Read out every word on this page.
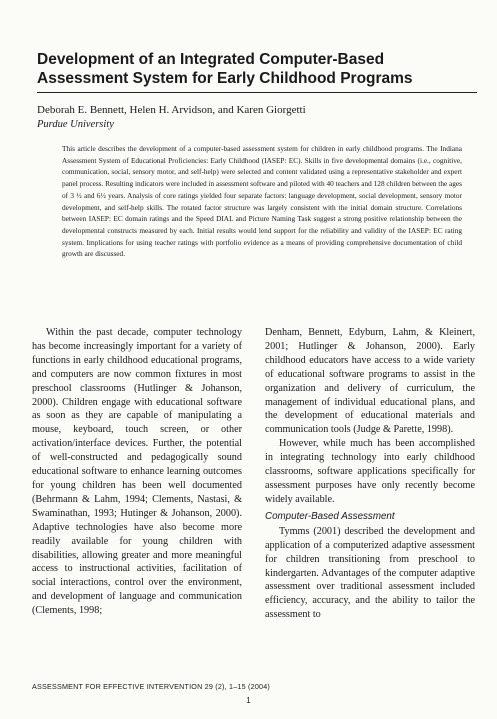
Development of an Integrated Computer-Based Assessment System for Early Childhood Programs
Deborah E. Bennett, Helen H. Arvidson, and Karen Giorgetti
Purdue University

This article describes the development of a computer-based assessment system for children in early childhood programs. The Indiana Assessment System of Educational Proficiencies: Early Childhood (IASEP: EC). Skills in five developmental domains (i.e., cognitive, communication, social, sensory motor, and self-help) were selected and content validated using a representative stakeholder and expert panel process. Resulting indicators were included in assessment software and piloted with 40 teachers and 128 children between the ages of 3 ½ and 6½ years. Analysis of core ratings yielded four separate factors: language development, social development, sensory motor development, and self-help skills. The rotated factor structure was largely consistent with the initial domain structure. Correlations between IASEP: EC domain ratings and the Speed DIAL and Picture Naming Task suggest a strong positive relationship between the developmental constructs measured by each. Initial results would lend support for the reliability and validity of the IASEP: EC rating system. Implications for using teacher ratings with portfolio evidence as a means of providing comprehensive documentation of child growth are discussed.

Within the past decade, computer technology has become increasingly important for a variety of functions in early childhood educational programs, and computers are now common fixtures in most preschool classrooms (Hutlinger & Johanson, 2000). Children engage with educational software as soon as they are capable of manipulating a mouse, keyboard, touch screen, or other activation/interface devices. Further, the potential of well-constructed and pedagogically sound educational software to enhance learning outcomes for young children has been well documented (Behrmann & Lahm, 1994; Clements, Nastasi, & Swaminathan, 1993; Hutinger & Johanson, 2000). Adaptive technologies have also become more readily available for young children with disabilities, allowing greater and more meaningful access to instructional activities, facilitation of social interactions, control over the environment, and development of language and communication (Clements, 1998;

Denham, Bennett, Edyburn, Lahm, & Kleinert, 2001; Hutlinger & Johanson, 2000). Early childhood educators have access to a wide variety of educational software programs to assist in the organization and delivery of curriculum, the management of individual educational plans, and the development of educational materials and communication tools (Judge & Parette, 1998).

However, while much has been accomplished in integrating technology into early childhood classrooms, software applications specifically for assessment purposes have only recently become widely available.

Computer-Based Assessment

Tymms (2001) described the development and application of a computerized adaptive assessment for children transitioning from preschool to kindergarten. Advantages of the computer adaptive assessment over traditional assessment included efficiency, accuracy, and the ability to tailor the assessment to

ASSESSMENT FOR EFFECTIVE INTERVENTION 29 (2), 1–15 (2004)
1
